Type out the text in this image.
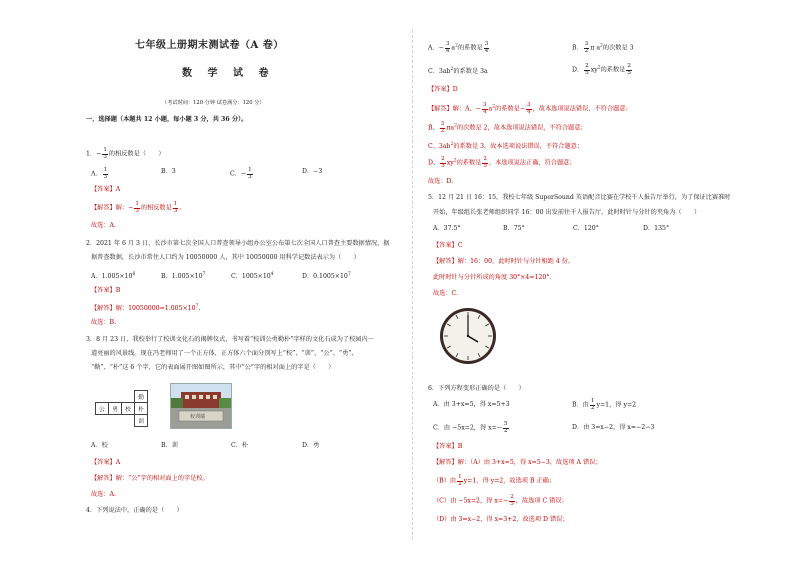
七年级上册期末测试卷（A 卷）
数 学 试 卷
（考试时间：120 分钟 试卷满分：120 分）
一、选择题（本题共 12 小题，每小题 3 分，共 36 分）。
1．− $\frac{1}{3}$ 的相反数是（　　）
A． $\frac{1}{3}$	B．3	C．− $\frac{1}{3}$	D．−3
【答案】A
【解答】解：− $\frac{1}{3}$ 的相反数是 $\frac{1}{3}$ 。
故选：A.
2．2021 年 6 月 3 日，长沙市第七次全国人口普查领导小组办公室公布第七次全国人口普查主要数据情况，据
据普查数据，长沙市常住人口约为 10050000 人，其中 10050000 用科学记数法表示为（　　）
A．$1.005\times 10^6$	B．$1.005\times 10^7$	C．$1005\times 10^4$	D．$0.1005\times 10^7$
【答案】B
【解答】解：$10050000=1.005\times 10^7$.
故选：B.
3．8 月 23 日，我校举行了校训文化石的揭牌仪式，书写着“校训公勇勤朴”字样的文化石成为了校园内一
道亮丽的风景线。现在冯老师用了一个正方体，正方体六个面分别写上“校”、“训”、“公”、“勇”、
“勤”、“朴”这 6 个字，它的表面展开图如图所示，其中“公”字的相对面上的字是（　　）
			勤
公	勇	校	朴
			训
校训墙
A．校	B．训	C．朴	D．勇
【答案】A
【解答】解：“公”字的相对面上的字是校。
故选：A.
4．下列说法中，正确的是（　　）
A．− $\frac{3}{4} a^2$的系数是 $\frac{3}{4}$	B． $\frac{3}{2}$ π $a^2$的次数是 3
C．$3ab^2$的系数是 3a	D． $\frac{2}{5} xy^2$的系数是 $\frac{2}{5}$
【答案】D
【解答】解：A、− $\frac{3}{4} a^2$的系数是− $\frac{3}{4}$ ，故本选项说法错误，不符合题意；
B、 $\frac{3}{2} \pi a^2$的次数是 2，故本选项说法错误，不符合题意；
C、$3ab^2$的系数是 3，故本选项说法错误，不符合题意；
D、 $\frac{2}{5} xy^2$的系数是 $\frac{2}{5}$ ，本选项说法正确，符合题意；
故选：D.
5．12 月 21 日 16：15，我校七年级 SuperSound 英语配音比赛在学校千人报告厅举行，为了保证比赛准时
开始，年级组长张老师组织同学 16：00 出发前往千人报告厅，此时时针与分针的夹角为（　　）
A．37.5°	B．75°	C．120°	D．135°
【答案】C
【解答】解：16：00，此时时针与分针相距 4 份，
此时时针与分针所成的角度 30°×4=120°．
故选：C.
6．下列方程变形正确的是（　　）
A．由 3+x=5，得 x=5+3	B．由 $\frac{1}{2} y=1$，得 y=2
C．由 −5x=2，得 $x=- \frac{5}{2}$	D．由 3=x−2，得 x=−2−3
【答案】B
【解答】解：（A）由 3+x=5，得 x=5−3，故选项 A 错误；
（B）由 $\frac{1}{2} y=1$，得 y=2，故选项 B 正确；
（C）由 −5x=2，得 $x=- \frac{2}{5}$ ，故选项 C 错误；
（D）由 3=x−2，得 x=3+2，故选项 D 错误；
